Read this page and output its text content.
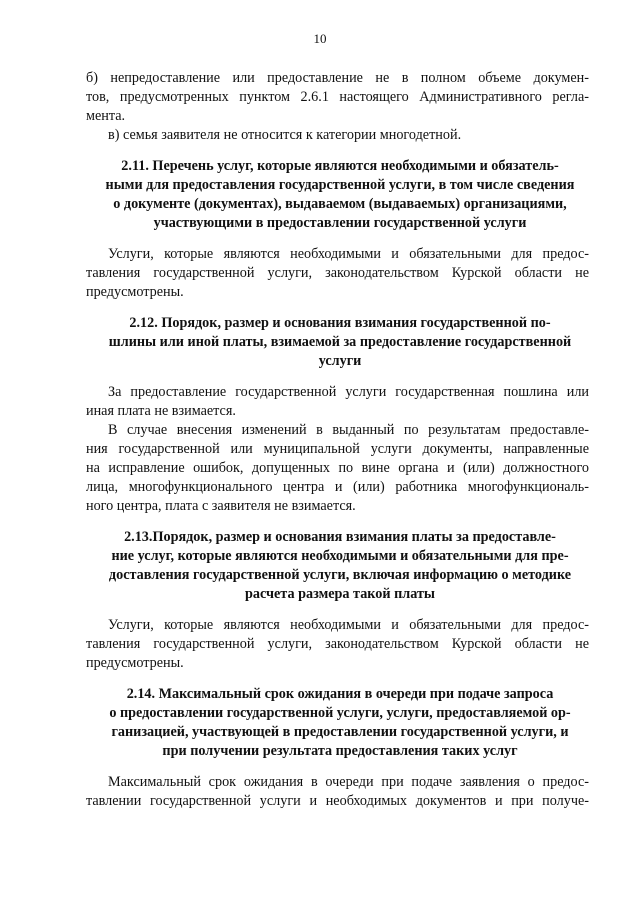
10

б) непредоставление или предоставление не в полном объеме докумен-

тов, предусмотренных пунктом 2.6.1 настоящего Административного регла-

мента.

в) семья заявителя не относится к категории многодетной.

2.11. Перечень услуг, которые являются необходимыми и обязатель-

ными для предоставления государственной услуги, в том числе сведения

о документе (документах), выдаваемом (выдаваемых) организациями,

участвующими в предоставлении государственной услуги

Услуги, которые являются необходимыми и обязательными для предос-

тавления государственной услуги, законодательством Курской области не

предусмотрены.

2.12. Порядок, размер и основания взимания государственной по-

шлины или иной платы, взимаемой за предоставление государственной

услуги

За предоставление государственной услуги государственная пошлина или

иная плата не взимается.

В случае внесения изменений в выданный по результатам предоставле-

ния государственной или муниципальной услуги документы, направленные

на исправление ошибок, допущенных по вине органа и (или) должностного

лица, многофункционального центра и (или) работника многофункциональ-

ного центра, плата с заявителя не взимается.

2.13.Порядок, размер и основания взимания платы за предоставле-

ние услуг, которые являются необходимыми и обязательными для пре-

доставления государственной услуги, включая информацию о методике

расчета размера такой платы

Услуги, которые являются необходимыми и обязательными для предос-

тавления государственной услуги, законодательством Курской области не

предусмотрены.

2.14. Максимальный срок ожидания в очереди при подаче запроса

о предоставлении государственной услуги, услуги, предоставляемой ор-

ганизацией, участвующей в предоставлении государственной услуги, и

при получении результата предоставления таких услуг

Максимальный срок ожидания в очереди при подаче заявления о предос-

тавлении государственной услуги и необходимых документов и при получе-
